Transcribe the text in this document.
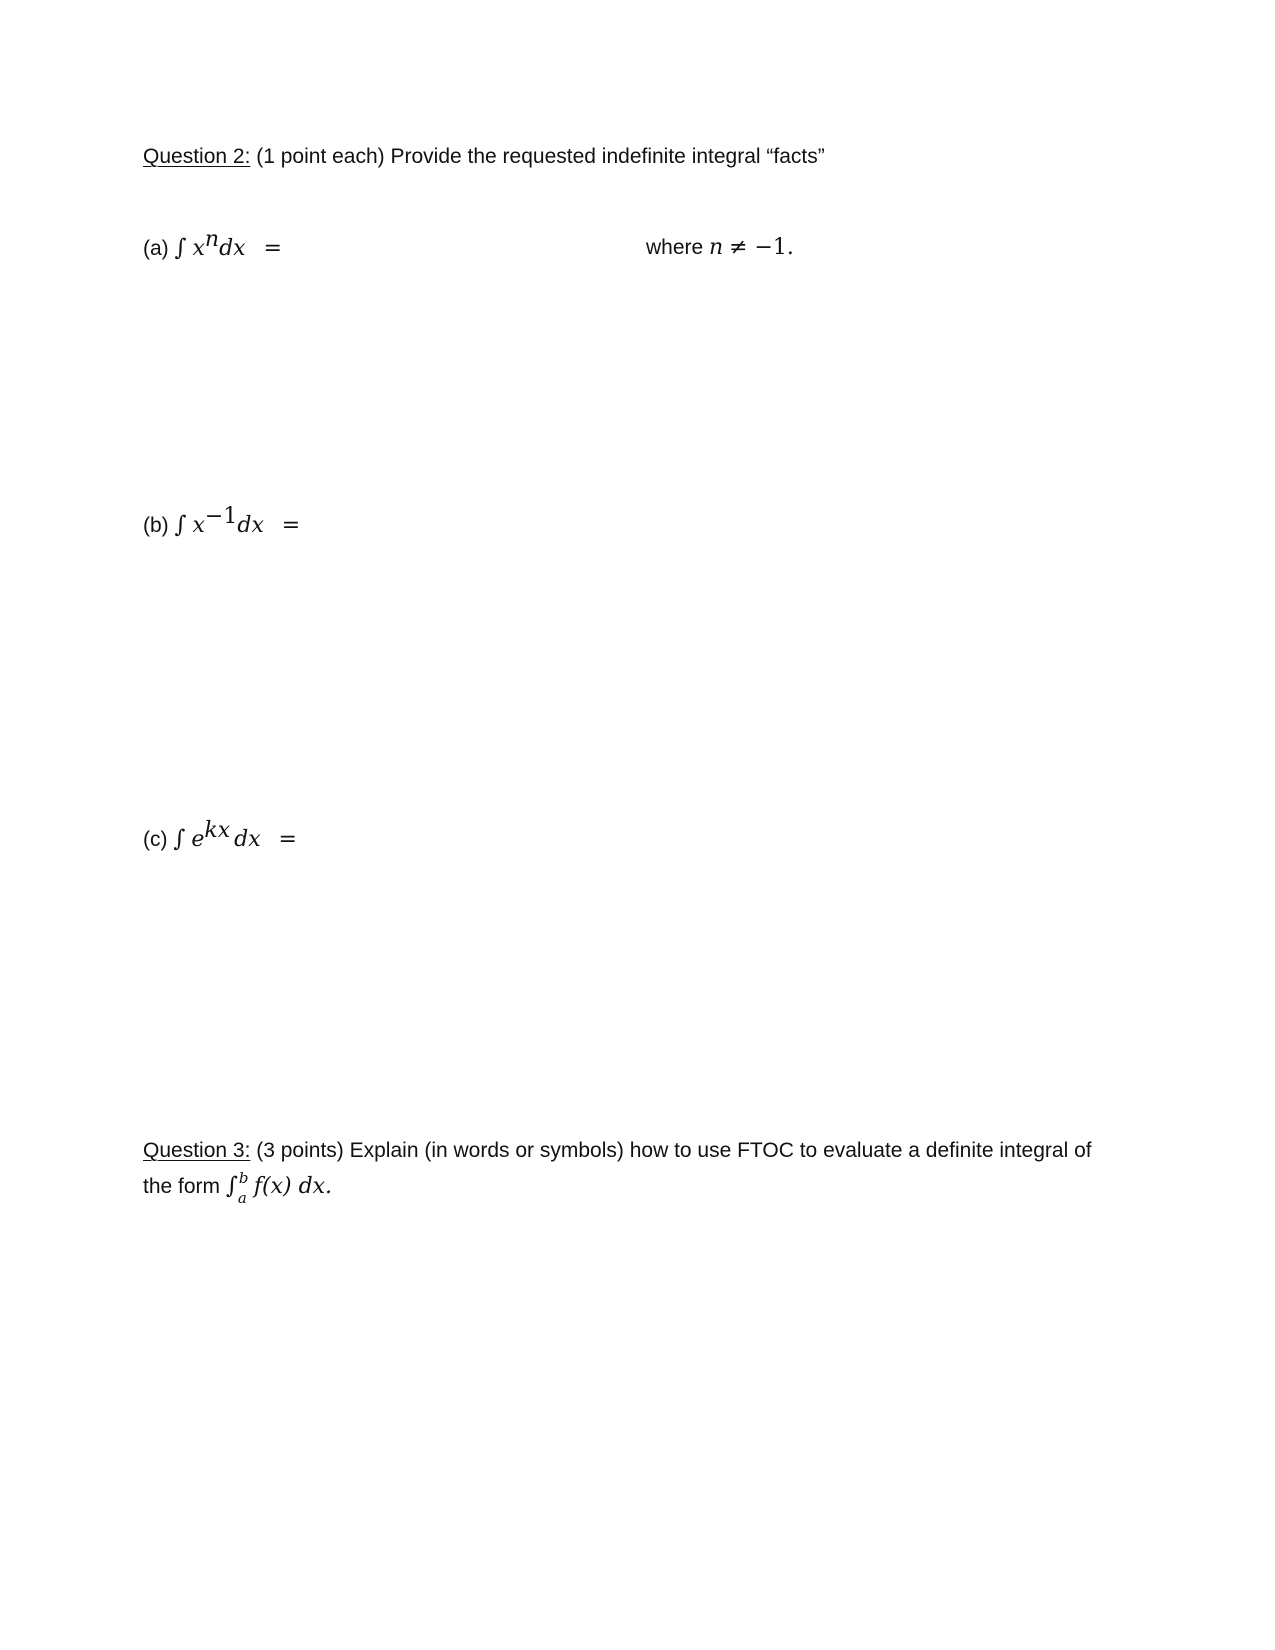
Question 2: (1 point each) Provide the requested indefinite integral “facts”
(a) ∫ $x^ndx$ =	where n ≠ −1.
(b) ∫ $x^{-1}dx$ =
(c) ∫ $e^{kx}$ dx =
Question 3: (3 points) Explain (in words or symbols) how to use FTOC to evaluate a definite integral of
the form ∫ b
a f(x) dx.
